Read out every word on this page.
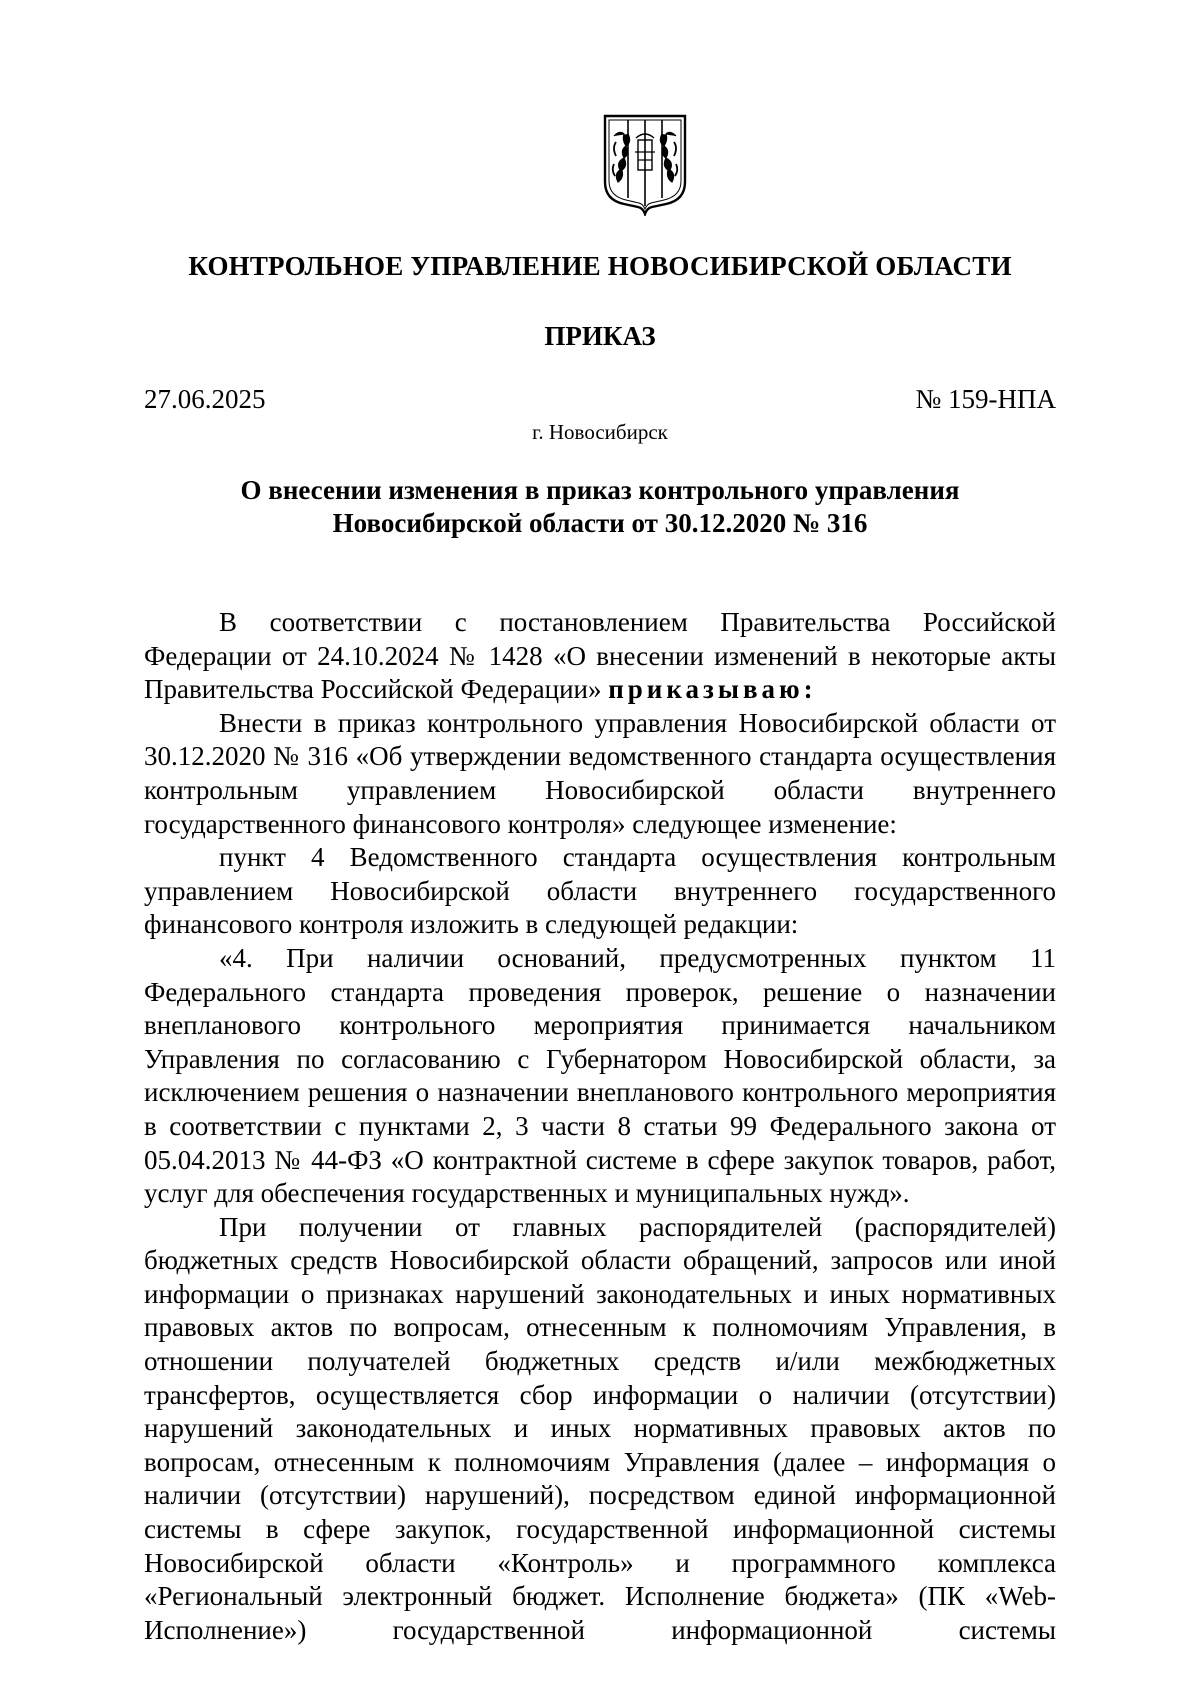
КОНТРОЛЬНОЕ УПРАВЛЕНИЕ НОВОСИБИРСКОЙ ОБЛАСТИ
ПРИКАЗ
27.06.2025	№ 159-НПА
г. Новосибирск
О внесении изменения в приказ контрольного управления
Новосибирской области от 30.12.2020 № 316

В соответствии с постановлением Правительства Российской Федерации от 24.10.2024 № 1428 «О внесении изменений в некоторые акты Правительства Российской Федерации» приказываю:

Внести в приказ контрольного управления Новосибирской области от 30.12.2020 № 316 «Об утверждении ведомственного стандарта осуществления контрольным управлением Новосибирской области внутреннего государственного финансового контроля» следующее изменение:

пункт 4 Ведомственного стандарта осуществления контрольным управлением Новосибирской области внутреннего государственного финансового контроля изложить в следующей редакции:

«4. При наличии оснований, предусмотренных пунктом 11 Федерального стандарта проведения проверок, решение о назначении внепланового контрольного мероприятия принимается начальником Управления по согласованию с Губернатором Новосибирской области, за исключением решения о назначении внепланового контрольного мероприятия в соответствии с пунктами 2, 3 части 8 статьи 99 Федерального закона от 05.04.2013 № 44-ФЗ «О контрактной системе в сфере закупок товаров, работ, услуг для обеспечения государственных и муниципальных нужд».

При получении от главных распорядителей (распорядителей) бюджетных средств Новосибирской области обращений, запросов или иной информации о признаках нарушений законодательных и иных нормативных правовых актов по вопросам, отнесенным к полномочиям Управления, в отношении получателей бюджетных средств и/или межбюджетных трансфертов, осуществляется сбор информации о наличии (отсутствии) нарушений законодательных и иных нормативных правовых актов по вопросам, отнесенным к полномочиям Управления (далее – информация о наличии (отсутствии) нарушений), посредством единой информационной системы в сфере закупок, государственной информационной системы Новосибирской области «Контроль» и программного комплекса «Региональный электронный бюджет. Исполнение бюджета» (ПК «Web-Исполнение») государственной информационной системы
